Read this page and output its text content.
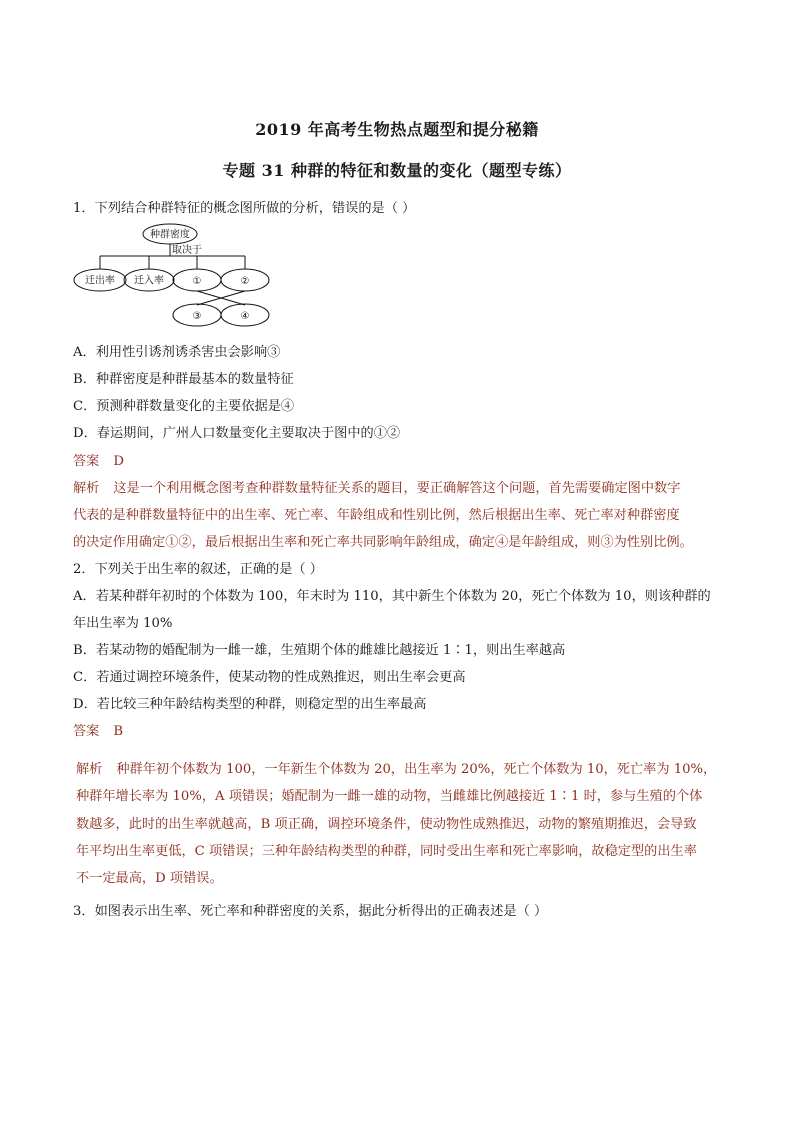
2019 年高考生物热点题型和提分秘籍
专题 31 种群的特征和数量的变化（题型专练）
1．下列结合种群特征的概念图所做的分析，错误的是（ ）
种群密度
取决于
迁出率 迁入率	①	②
③	④
A．利用性引诱剂诱杀害虫会影响③
B．种群密度是种群最基本的数量特征
C．预测种群数量变化的主要依据是④
D．春运期间，广州人口数量变化主要取决于图中的①②
答案 D
解析 这是一个利用概念图考查种群数量特征关系的题目，要正确解答这个问题，首先需要确定图中数字
代表的是种群数量特征中的出生率、死亡率、年龄组成和性别比例，然后根据出生率、死亡率对种群密度
的决定作用确定①②，最后根据出生率和死亡率共同影响年龄组成，确定④是年龄组成，则③为性别比例。
2．下列关于出生率的叙述，正确的是（ ）
A．若某种群年初时的个体数为 100，年末时为 110，其中新生个体数为 20，死亡个体数为 10，则该种群的
年出生率为 10%
B．若某动物的婚配制为一雌一雄，生殖期个体的雌雄比越接近 1∶1，则出生率越高
C．若通过调控环境条件，使某动物的性成熟推迟，则出生率会更高
D．若比较三种年龄结构类型的种群，则稳定型的出生率最高
答案 B
解析 种群年初个体数为 100，一年新生个体数为 20，出生率为 20%，死亡个体数为 10，死亡率为 10%，
种群年增长率为 10%，A 项错误；婚配制为一雌一雄的动物，当雌雄比例越接近 1∶1 时，参与生殖的个体
数越多，此时的出生率就越高，B 项正确，调控环境条件，使动物性成熟推迟，动物的繁殖期推迟，会导致
年平均出生率更低，C 项错误；三种年龄结构类型的种群，同时受出生率和死亡率影响，故稳定型的出生率
不一定最高，D 项错误。
3．如图表示出生率、死亡率和种群密度的关系，据此分析得出的正确表述是（ ）
